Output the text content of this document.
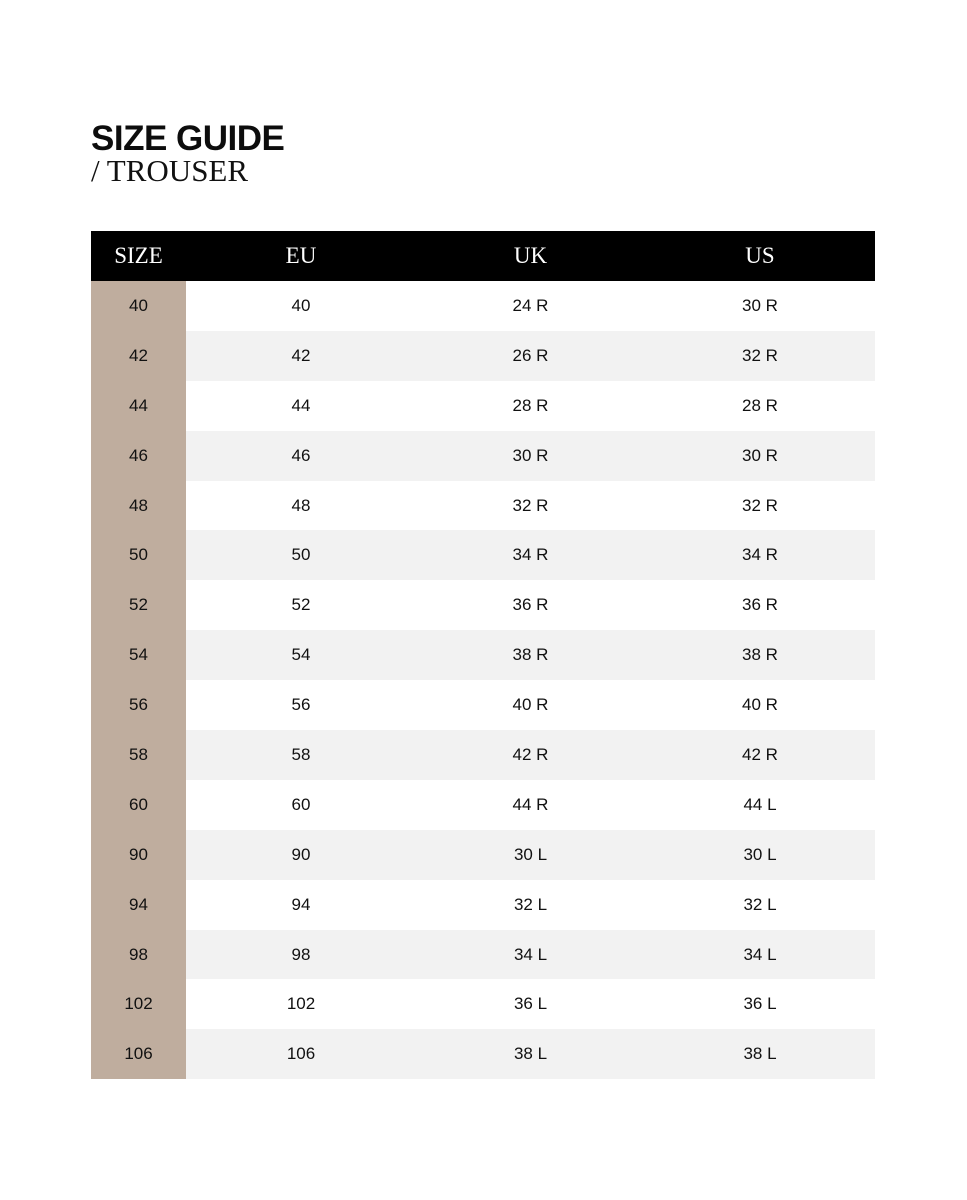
SIZE GUIDE
/ TROUSER
SIZE	EU	UK	US
40	40	24 R	30 R
42	42	26 R	32 R
44	44	28 R	28 R
46	46	30 R	30 R
48	48	32 R	32 R
50	50	34 R	34 R
52	52	36 R	36 R
54	54	38 R	38 R
56	56	40 R	40 R
58	58	42 R	42 R
60	60	44 R	44 L
90	90	30 L	30 L
94	94	32 L	32 L
98	98	34 L	34 L
102	102	36 L	36 L
106	106	38 L	38 L
